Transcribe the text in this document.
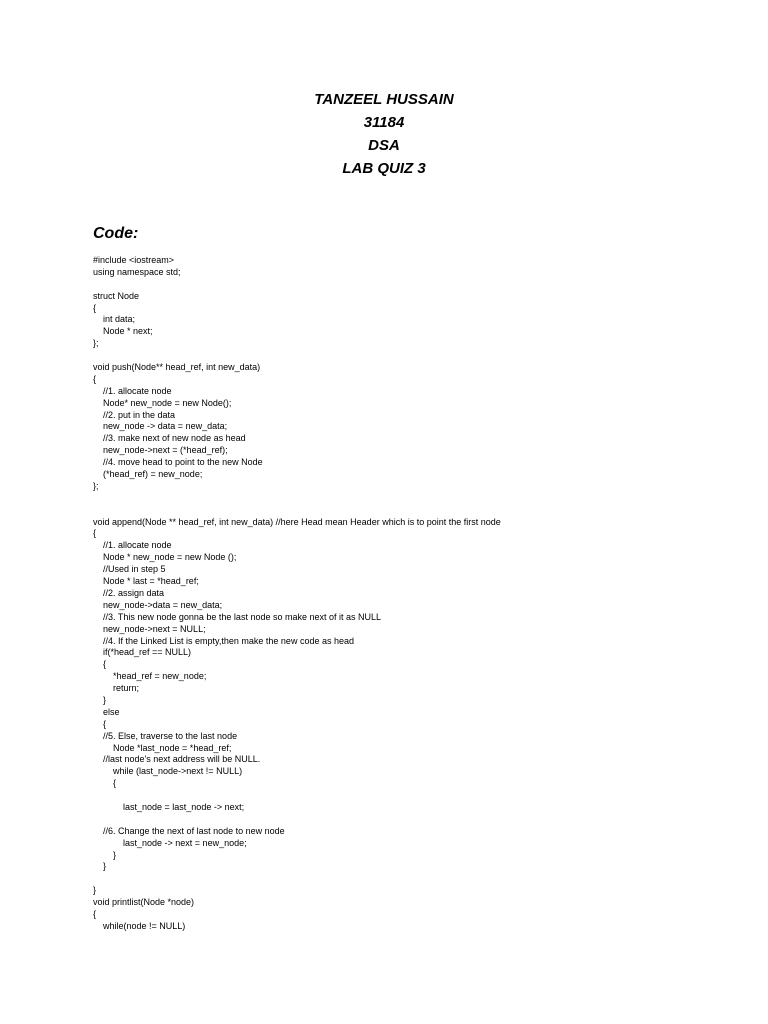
TANZEEL HUSSAIN
31184
DSA
LAB QUIZ 3
Code:
#include <iostream>
using namespace std;
struct Node
{
int data;
Node * next;
};
void push(Node** head_ref, int new_data)
{
//1. allocate node
Node* new_node = new Node();
//2. put in the data
new_node -> data = new_data;
//3. make next of new node as head
new_node->next = (*head_ref);
//4. move head to point to the new Node
(*head_ref) = new_node;
};
void append(Node ** head_ref, int new_data) //here Head mean Header which is to point the first node
{
//1. allocate node
Node * new_node = new Node ();
//Used in step 5
Node * last = *head_ref;
//2. assign data
new_node->data = new_data;
//3. This new node gonna be the last node so make next of it as NULL
new_node->next = NULL;
//4. If the Linked List is empty,then make the new code as head
if(*head_ref == NULL)
{
*head_ref = new_node;
return;
}
else
{
//5. Else, traverse to the last node
Node *last_node = *head_ref;
//last node's next address will be NULL.
while (last_node->next != NULL)
{
last_node = last_node -> next;
//6. Change the next of last node to new node
last_node -> next = new_node;
}
}
}
void printlist(Node *node)
{
while(node != NULL)
